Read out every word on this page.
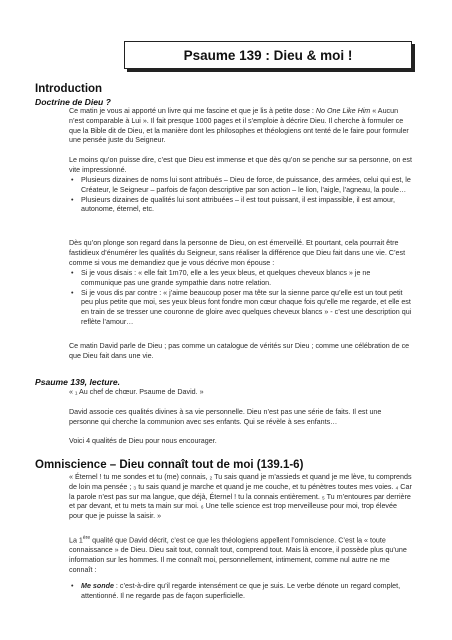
Psaume 139 : Dieu & moi !
Introduction
Doctrine de Dieu ?

Ce matin je vous ai apporté un livre qui me fascine et que je lis à petite dose : No One Like Him « Aucun n’est comparable à Lui ». Il fait presque 1000 pages et il s’emploie à décrire Dieu. Il cherche à formuler ce que la Bible dit de Dieu, et la manière dont les philosophes et théologiens ont tenté de le faire pour formuler une pensée juste du Seigneur.

Le moins qu’on puisse dire, c’est que Dieu est immense et que dès qu’on se penche sur sa personne, on est vite impressionné.

• Plusieurs dizaines de noms lui sont attribués – Dieu de force, de puissance, des armées, celui qui est, le Créateur, le Seigneur – parfois de façon descriptive par son action – le lion, l’aigle, l’agneau, la poule…
• Plusieurs dizaines de qualités lui sont attribuées – il est tout puissant, il est impassible, il est amour, autonome, éternel, etc.

Dès qu’on plonge son regard dans la personne de Dieu, on est émerveillé. Et pourtant, cela pourrait être fastidieux d’énumérer les qualités du Seigneur, sans réaliser la différence que Dieu fait dans une vie. C’est comme si vous me demandiez que je vous décrive mon épouse :

• Si je vous disais : « elle fait 1m70, elle a les yeux bleus, et quelques cheveux blancs » je ne communique pas une grande sympathie dans notre relation.
• Si je vous dis par contre : « j’aime beaucoup poser ma tête sur la sienne parce qu’elle est un tout petit peu plus petite que moi, ses yeux bleus font fondre mon cœur chaque fois qu’elle me regarde, et elle est en train de se tresser une couronne de gloire avec quelques cheveux blancs » - c’est une description qui reflète l’amour…

Ce matin David parle de Dieu ; pas comme un catalogue de vérités sur Dieu ; comme une célébration de ce que Dieu fait dans une vie.

Psaume 139, lecture.

« ₁ Au chef de chœur. Psaume de David. »

David associe ces qualités divines à sa vie personnelle. Dieu n’est pas une série de faits. Il est une personne qui cherche la communion avec ses enfants. Qui se révèle à ses enfants…

Voici 4 qualités de Dieu pour nous encourager.

Omniscience – Dieu connaît tout de moi (139.1-6)

« Éternel ! tu me sondes et tu (me) connais, ₂ Tu sais quand je m’assieds et quand je me lève, tu comprends de loin ma pensée ; ₃ tu sais quand je marche et quand je me couche, et tu pénètres toutes mes voies. ₄ Car la parole n’est pas sur ma langue, que déjà, Éternel ! tu la connais entièrement. ₅ Tu m’entoures par derrière et par devant, et tu mets ta main sur moi. ₆ Une telle science est trop merveilleuse pour moi, trop élevée pour que je puisse la saisir. »

La 1ère qualité que David décrit, c’est ce que les théologiens appellent l’omniscience. C’est la « toute connaissance » de Dieu. Dieu sait tout, connaît tout, comprend tout. Mais là encore, il possède plus qu’une information sur les hommes. Il me connaît moi, personnellement, intimement, comme nul autre ne me connaît :

• Me sonde : c’est-à-dire qu’il regarde intensément ce que je suis. Le verbe dénote un regard complet, attentionné. Il ne regarde pas de façon superficielle.
